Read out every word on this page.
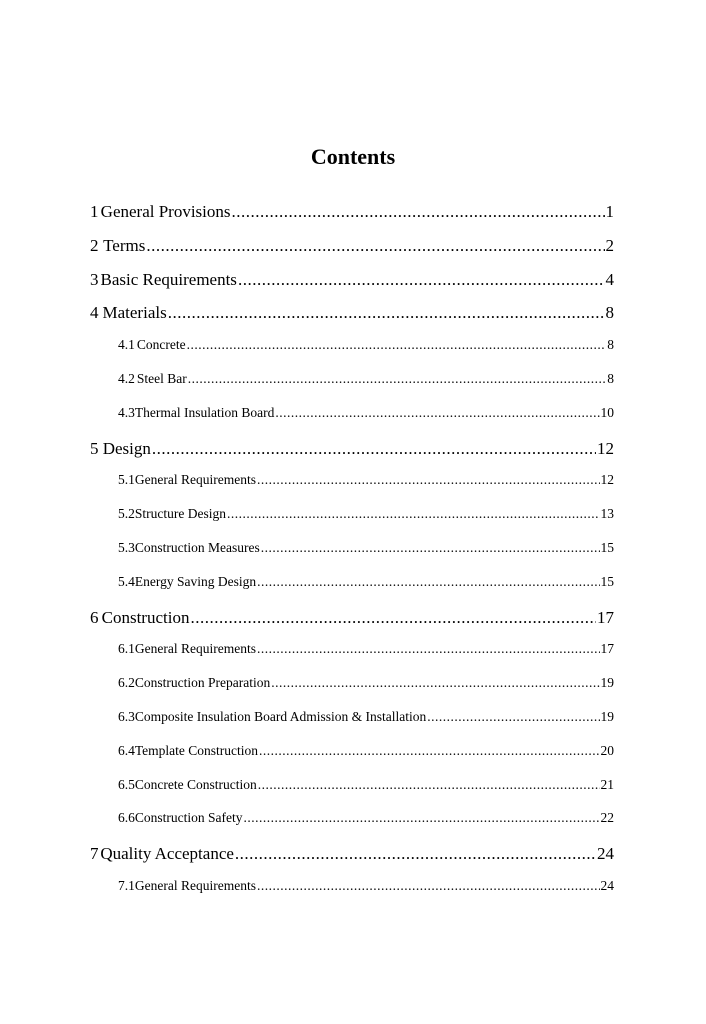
Contents
1 General Provisions .....	1
2 Terms .....	2
3 Basic Requirements .....	4
4 Materials .....	8
4.1 Concrete .....	8
4.2 Steel Bar .....	8
4.3 Thermal Insulation Board .....	10
5 Design .....	12
5.1 General Requirements .....	12
5.2 Structure Design .....	13
5.3 Construction Measures .....	15
5.4 Energy Saving Design .....	15
6 Construction .....	17
6.1 General Requirements .....	17
6.2 Construction Preparation .....	19
6.3 Composite Insulation Board Admission & Installation .....	19
6.4 Template Construction .....	20
6.5 Concrete Construction .....	21
6.6 Construction Safety .....	22
7 Quality Acceptance .....	24
7.1 General Requirements .....	24
